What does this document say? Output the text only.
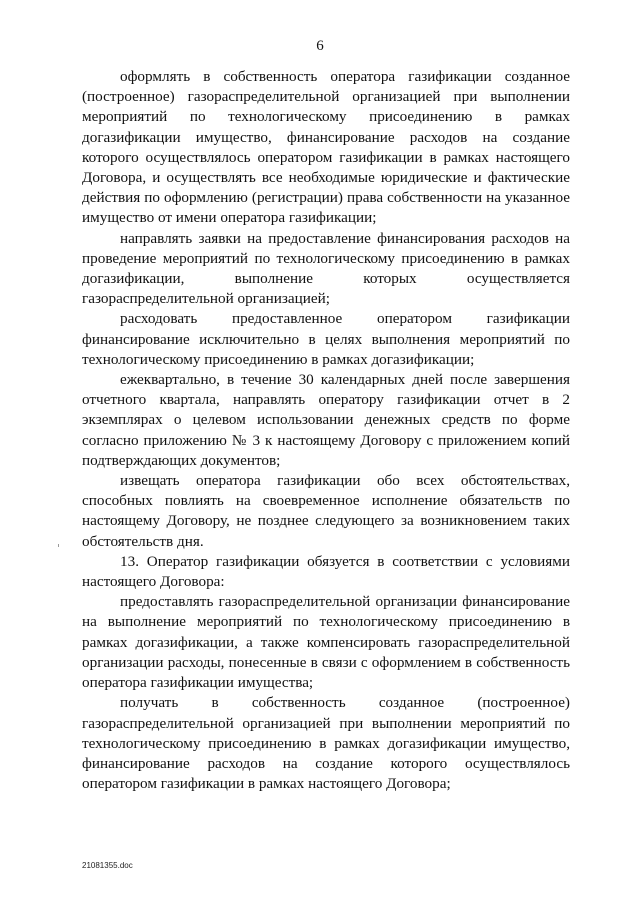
6

оформлять в собственность оператора газификации созданное (построенное) газораспределительной организацией при выполнении мероприятий по технологическому присоединению в рамках догазификации имущество, финансирование расходов на создание которого осуществлялось оператором газификации в рамках настоящего Договора, и осуществлять все необходимые юридические и фактические действия по оформлению (регистрации) права собственности на указанное имущество от имени оператора газификации;

направлять заявки на предоставление финансирования расходов на проведение мероприятий по технологическому присоединению в рамках догазификации, выполнение которых осуществляется газораспределительной организацией;

расходовать предоставленное оператором газификации финансирование исключительно в целях выполнения мероприятий по технологическому присоединению в рамках догазификации;

ежеквартально, в течение 30 календарных дней после завершения отчетного квартала, направлять оператору газификации отчет в 2 экземплярах о целевом использовании денежных средств по форме согласно приложению № 3 к настоящему Договору с приложением копий подтверждающих документов;

извещать оператора газификации обо всех обстоятельствах, способных повлиять на своевременное исполнение обязательств по настоящему Договору, не позднее следующего за возникновением таких обстоятельств дня.

13. Оператор газификации обязуется в соответствии с условиями настоящего Договора:

предоставлять газораспределительной организации финансирование на выполнение мероприятий по технологическому присоединению в рамках догазификации, а также компенсировать газораспределительной организации расходы, понесенные в связи с оформлением в собственность оператора газификации имущества;

получать в собственность созданное (построенное) газораспределительной организацией при выполнении мероприятий по технологическому присоединению в рамках догазификации имущество, финансирование расходов на создание которого осуществлялось оператором газификации в рамках настоящего Договора;

21081355.doc
